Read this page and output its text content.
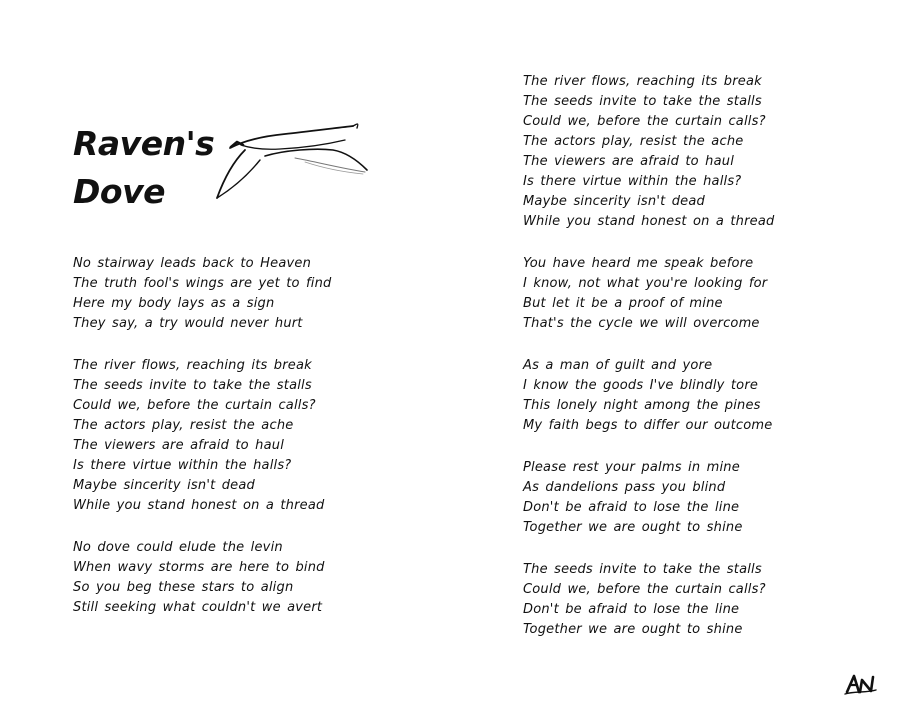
Raven's
Dove
No stairway leads back to Heaven
The truth fool's wings are yet to find
Here my body lays as a sign
They say, a try would never hurt
The river flows, reaching its break
The seeds invite to take the stalls
Could we, before the curtain calls?
The actors play, resist the ache
The viewers are afraid to haul
Is there virtue within the halls?
Maybe sincerity isn't dead
While you stand honest on a thread
No dove could elude the levin
When wavy storms are here to bind
So you beg these stars to align
Still seeking what couldn't we avert
The river flows, reaching its break
The seeds invite to take the stalls
Could we, before the curtain calls?
The actors play, resist the ache
The viewers are afraid to haul
Is there virtue within the halls?
Maybe sincerity isn't dead
While you stand honest on a thread
You have heard me speak before
I know, not what you're looking for
But let it be a proof of mine
That's the cycle we will overcome
As a man of guilt and yore
I know the goods I've blindly tore
This lonely night among the pines
My faith begs to differ our outcome
Please rest your palms in mine
As dandelions pass you blind
Don't be afraid to lose the line
Together we are ought to shine
The seeds invite to take the stalls
Could we, before the curtain calls?
Don't be afraid to lose the line
Together we are ought to shine
AN
